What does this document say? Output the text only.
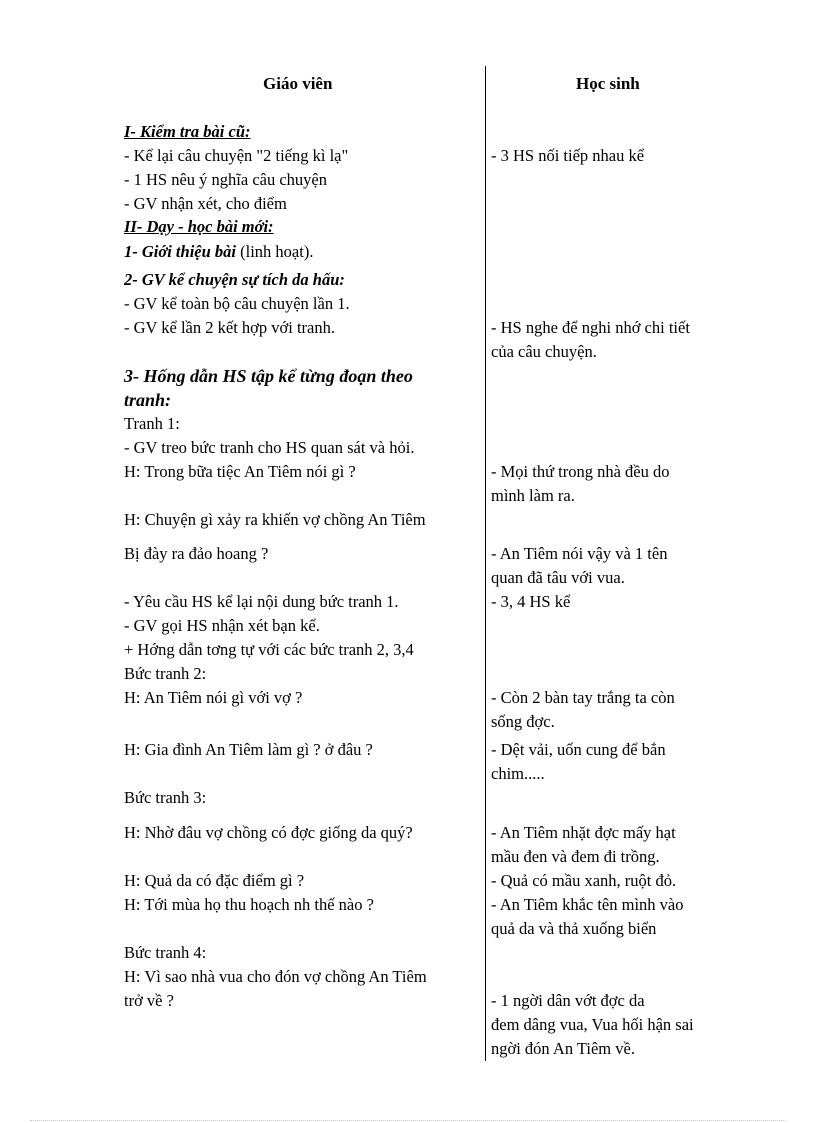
Giáo viên	Học sinh
I- Kiểm tra bài cũ:
- Kể lại câu chuyện "2 tiếng kì lạ"
- 1 HS nêu ý nghĩa câu chuyện
- GV nhận xét, cho điểm
II- Dạy - học bài mới:
1- Giới thiệu bài (linh hoạt).
2- GV kể chuyện sự tích da hấu:
- GV kể toàn bộ câu chuyện lần 1.
- GV kể lần 2 kết hợp với tranh.
3- Hống dẫn HS tập kể từng đoạn theo
tranh:
Tranh 1:
- GV treo bức tranh cho HS quan sát và hỏi.
H: Trong bữa tiệc An Tiêm nói gì ?
H: Chuyện gì xảy ra khiến vợ chồng An Tiêm
Bị đày ra đảo hoang ?
- Yêu cầu HS kể lại nội dung bức tranh 1.
- GV gọi HS nhận xét bạn kể.
+ Hớng dẫn tơng tự với các bức tranh 2, 3,4
Bức tranh 2:
H: An Tiêm nói gì với vợ ?
H: Gia đình An Tiêm làm gì ? ở đâu ?
Bức tranh 3:
H: Nhờ đâu vợ chồng có đợc giống da quý?
H: Quả da có đặc điểm gì ?
H: Tới mùa họ thu hoạch nh thế nào ?
Bức tranh 4:
H: Vì sao nhà vua cho đón vợ chồng An Tiêm
trở về ?
- 3 HS nối tiếp nhau kể
- HS nghe để nghi nhớ chi tiết
của câu chuyện.
- Mọi thứ trong nhà đều do
mình làm ra.
- An Tiêm nói vậy và 1 tên
quan đã tâu với vua.
- 3, 4 HS kể
- Còn 2 bàn tay trắng ta còn
sống đợc.
- Dệt vải, uốn cung để bắn
chim.....
- An Tiêm nhặt đợc mấy hạt
mầu đen và đem đi trồng.
- Quả có mầu xanh, ruột đỏ.
- An Tiêm khắc tên mình vào
quả da và thả xuống biển
- 1 ngời dân vớt đợc da
đem dâng vua, Vua hối hận sai
ngời đón An Tiêm về.
